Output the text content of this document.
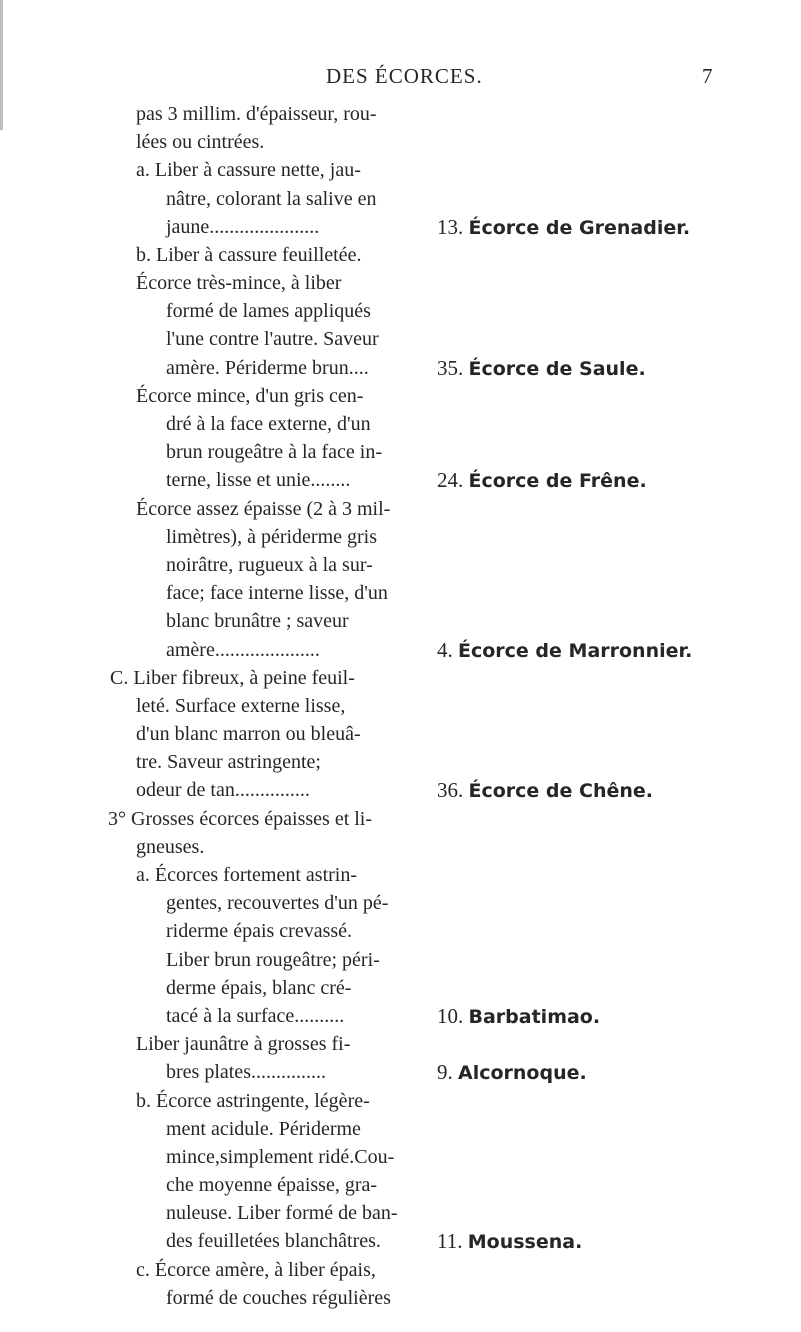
DES ÉCORCES.	7
pas 3 millim. d'épaisseur, rou-
lées ou cintrées.
a. Liber à cassure nette, jau-
nâtre, colorant la salive en
jaune......................	13. Écorce de Grenadier.
b. Liber à cassure feuilletée.
Écorce très-mince, à liber
formé de lames appliqués
l'une contre l'autre. Saveur
amère. Périderme brun....	35. Écorce de Saule.
Écorce mince, d'un gris cen-
dré à la face externe, d'un
brun rougeâtre à la face in-
terne, lisse et unie........	24. Écorce de Frêne.
Écorce assez épaisse (2 à 3 mil-
limètres), à périderme gris
noirâtre, rugueux à la sur-
face; face interne lisse, d'un
blanc brunâtre ; saveur
amère.....................	4. Écorce de Marronnier.
C. Liber fibreux, à peine feuil-
leté. Surface externe lisse,
d'un blanc marron ou bleuâ-
tre. Saveur astringente;
odeur de tan...............	36. Écorce de Chêne.
3° Grosses écorces épaisses et li-
gneuses.
a. Écorces fortement astrin-
gentes, recouvertes d'un pé-
riderme épais crevassé.
Liber brun rougeâtre; péri-
derme épais, blanc cré-
tacé à la surface..........	10. Barbatimao.
Liber jaunâtre à grosses fi-
bres plates...............	9. Alcornoque.
b. Écorce astringente, légère-
ment acidule. Périderme
mince,simplement ridé.Cou-
che moyenne épaisse, gra-
nuleuse. Liber formé de ban-
des feuilletées blanchâtres.	11. Moussena.
c. Écorce amère, à liber épais,
formé de couches régulières
